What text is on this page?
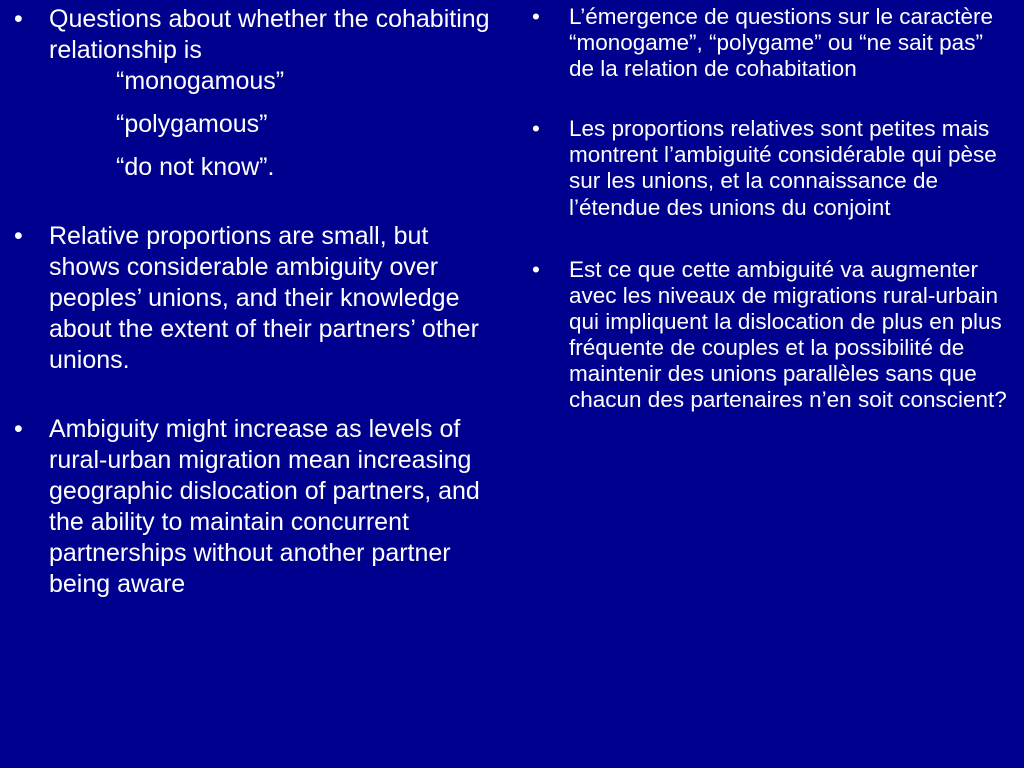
• Questions about whether the cohabiting relationship is
“monogamous”
“polygamous”
“do not know”.
• Relative proportions are small, but shows considerable ambiguity over peoples’ unions, and their knowledge about the extent of their partners’ other unions.
• Ambiguity might increase as levels of rural-urban migration mean increasing geographic dislocation of partners, and the ability to maintain concurrent partnerships without another partner being aware
• L’émergence de questions sur le caractère “monogame”, “polygame” ou “ne sait pas” de la relation de cohabitation
• Les proportions relatives sont petites mais montrent l’ambiguité considérable qui pèse sur les unions, et la connaissance de l’étendue des unions du conjoint
• Est ce que cette ambiguité va augmenter avec les niveaux de migrations rural-urbain qui impliquent la dislocation de plus en plus fréquente de couples et la possibilité de maintenir des unions parallèles sans que chacun des partenaires n’en soit conscient?
